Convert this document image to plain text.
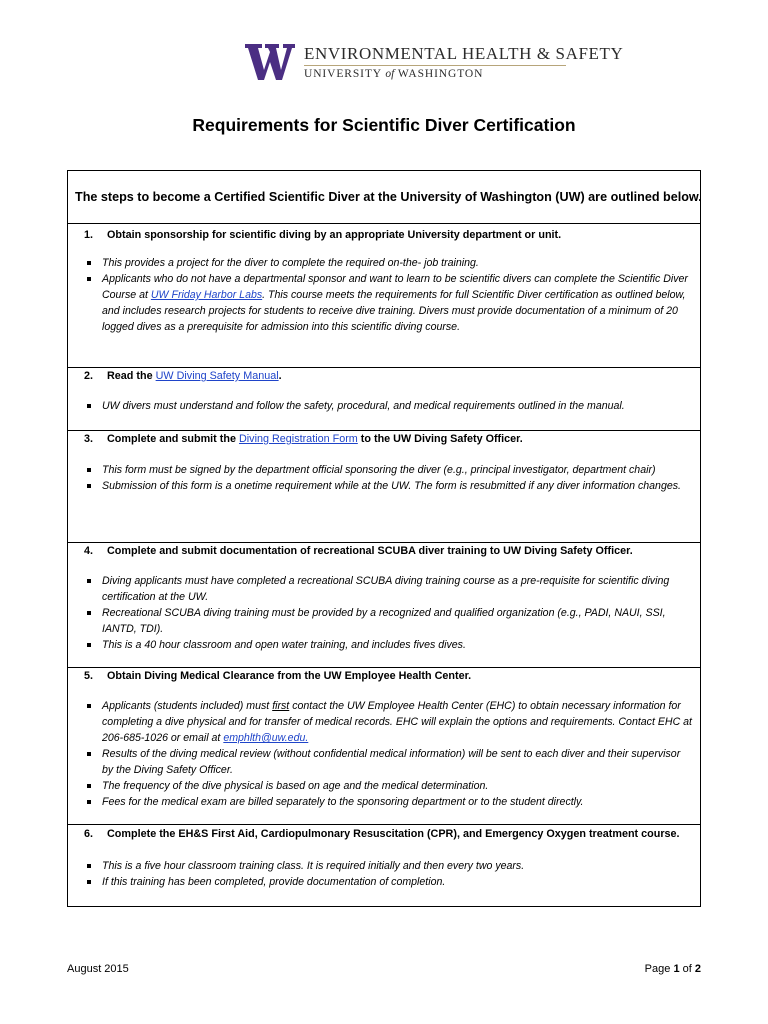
ENVIRONMENTAL HEALTH & SAFETY
UNIVERSITY of WASHINGTON
Requirements for Scientific Diver Certification
The steps to become a Certified Scientific Diver at the University of Washington (UW) are outlined below.
1. Obtain sponsorship for scientific diving by an appropriate University department or unit.
This provides a project for the diver to complete the required on-the- job training.
Applicants who do not have a departmental sponsor and want to learn to be scientific divers can complete the Scientific Diver Course at UW Friday Harbor Labs. This course meets the requirements for full Scientific Diver certification as outlined below, and includes research projects for students to receive dive training. Divers must provide documentation of a minimum of 20 logged dives as a prerequisite for admission into this scientific diving course.
2. Read the UW Diving Safety Manual.
UW divers must understand and follow the safety, procedural, and medical requirements outlined in the manual.
3. Complete and submit the Diving Registration Form to the UW Diving Safety Officer.
This form must be signed by the department official sponsoring the diver (e.g., principal investigator, department chair)
Submission of this form is a onetime requirement while at the UW. The form is resubmitted if any diver information changes.
4. Complete and submit documentation of recreational SCUBA diver training to UW Diving Safety Officer.
Diving applicants must have completed a recreational SCUBA diving training course as a pre-requisite for scientific diving certification at the UW.
Recreational SCUBA diving training must be provided by a recognized and qualified organization (e.g., PADI, NAUI, SSI, IANTD, TDI).
This is a 40 hour classroom and open water training, and includes fives dives.
5. Obtain Diving Medical Clearance from the UW Employee Health Center.
Applicants (students included) must first contact the UW Employee Health Center (EHC) to obtain necessary information for completing a dive physical and for transfer of medical records. EHC will explain the options and requirements. Contact EHC at 206-685-1026 or email at emphlth@uw.edu.
Results of the diving medical review (without confidential medical information) will be sent to each diver and their supervisor by the Diving Safety Officer.
The frequency of the dive physical is based on age and the medical determination.
Fees for the medical exam are billed separately to the sponsoring department or to the student directly.
6. Complete the EH&S First Aid, Cardiopulmonary Resuscitation (CPR), and Emergency Oxygen treatment course.
This is a five hour classroom training class. It is required initially and then every two years.
If this training has been completed, provide documentation of completion.
August 2015	Page 1 of 2
